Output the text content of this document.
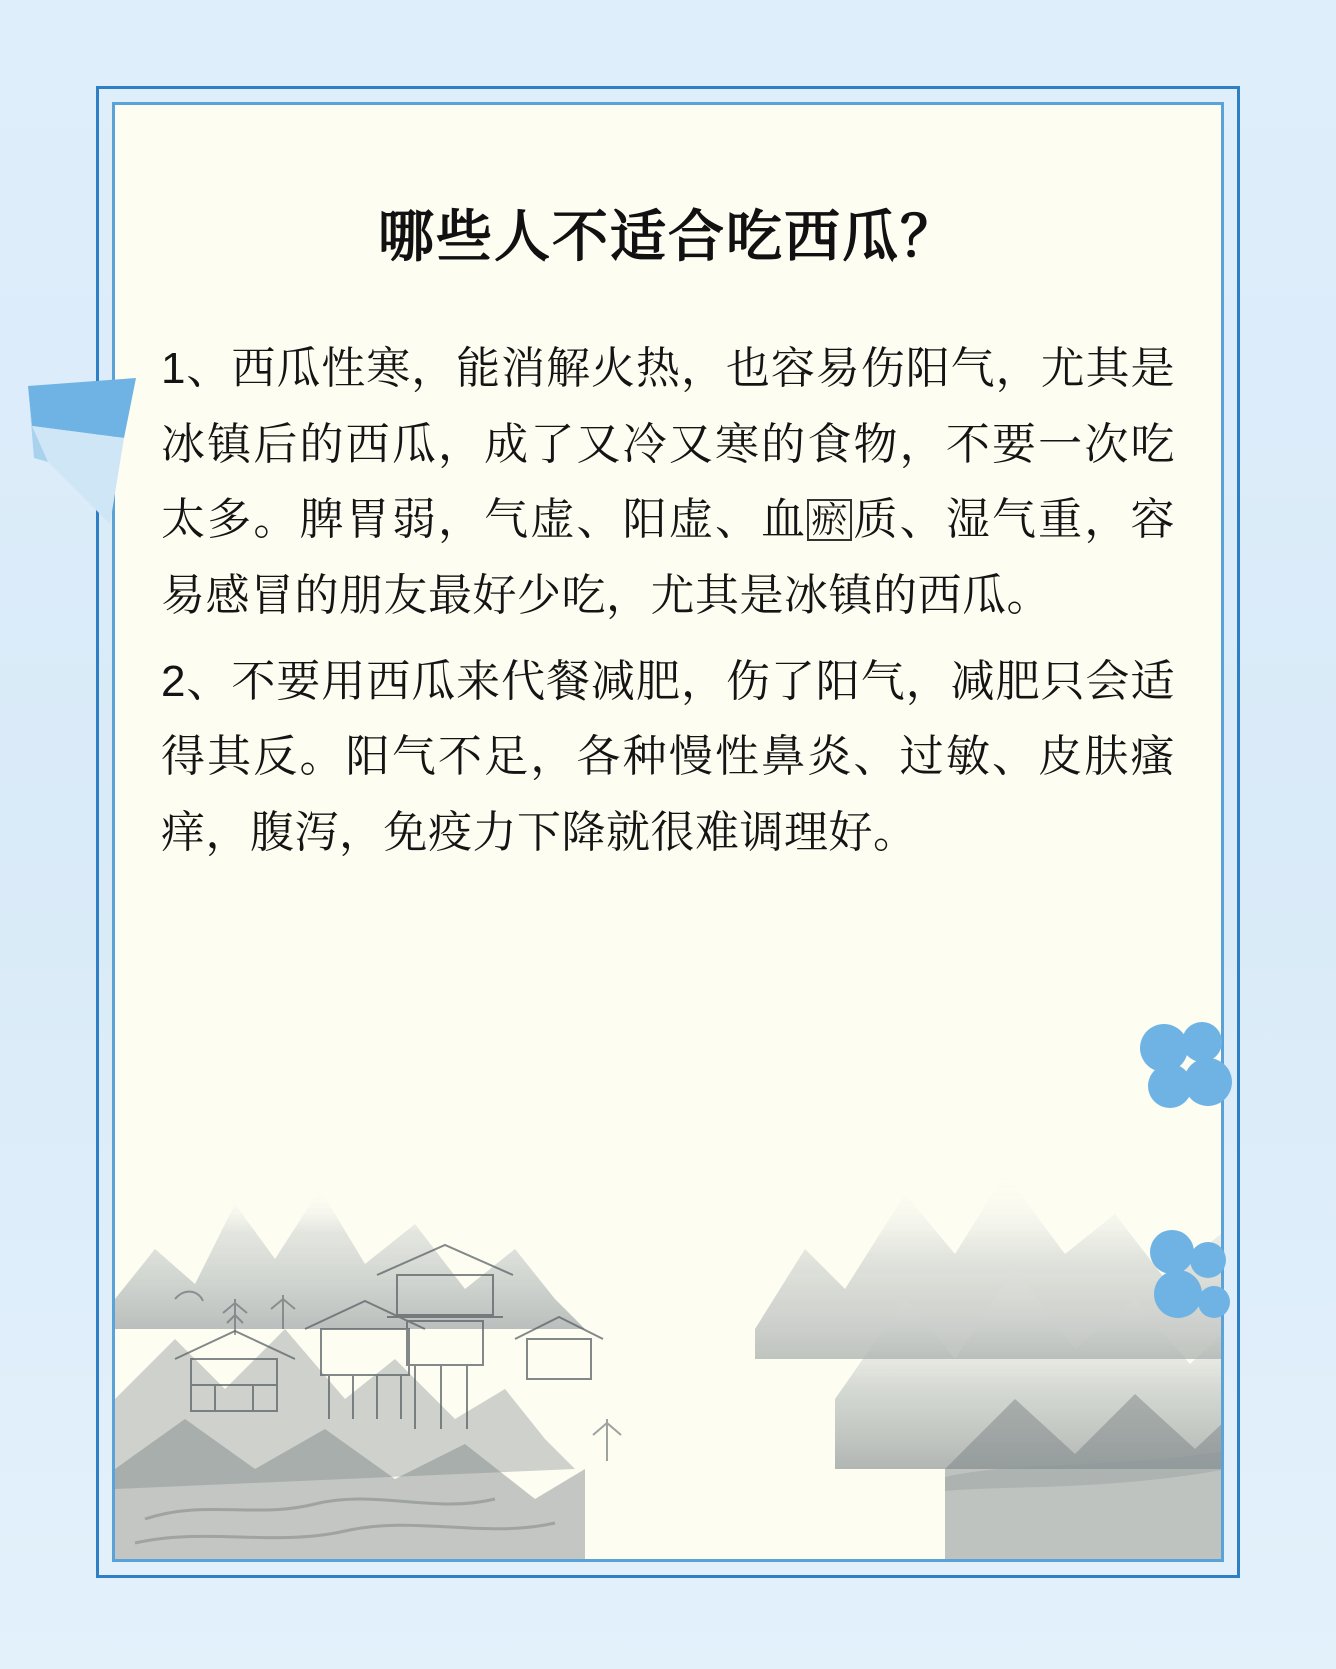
哪些人不适合吃西瓜？

1、西瓜性寒，能消解火热，也容易伤阳气，尤其是冰镇后的西瓜，成了又冷又寒的食物，不要一次吃太多。脾胃弱，气虚、阳虚、血 瘀质、湿气重，容易感冒的朋友最好少吃，尤其是冰镇的西瓜。

2、不要用西瓜来代餐减肥，伤了阳气，减肥只会适得其反。阳气不足，各种慢性鼻炎、过敏、皮肤瘙痒，腹泻，免疫力下降就很难调理好。
